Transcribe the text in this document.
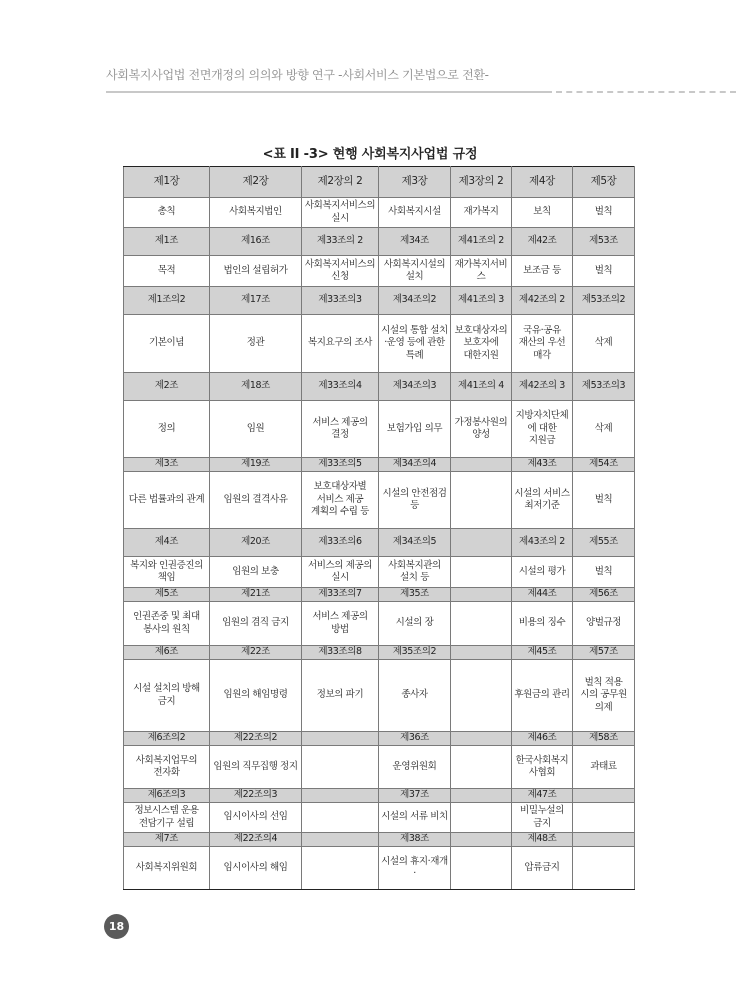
사회복지사업법 전면개정의 의의와 방향 연구 -사회서비스 기본법으로 전환-
<표 II -3> 현행 사회복지사업법 규정
제1장	제2장	제2장의 2	제3장	제3장의 2	제4장	제5장
총칙	사회복지법인	사회복지서비스의 실시	사회복지시설	재가복지	보칙	벌칙
제1조	제16조	제33조의 2	제34조	제41조의 2	제42조	제53조
목적	법인의 설립허가	사회복지서비스의 신청	사회복지시설의 설치	재가복지서비스	보조금 등	벌칙
제1조의2	제17조	제33조의3	제34조의2	제41조의 3	제42조의 2	제53조의2
기본이념	정관	복지요구의 조사	시설의 통합 설치·운영 등에 관한 특례	보호대상자의 보호자에 대한지원	국유·공유 재산의 우선 매각	삭제
제2조	제18조	제33조의4	제34조의3	제41조의 4	제42조의 3	제53조의3
정의	임원	서비스 제공의 결정	보험가입 의무	가정봉사원의 양성	지방자치단체에 대한 지원금	삭제
제3조	제19조	제33조의5	제34조의4		제43조	제54조
다른 법률과의 관계	임원의 결격사유	보호대상자별 서비스 제공 계획의 수립 등	시설의 안전점검 등		시설의 서비스 최저기준	벌칙
제4조	제20조	제33조의6	제34조의5		제43조의 2	제55조
복지와 인권증진의 책임	임원의 보충	서비스의 제공의 실시	사회복지관의 설치 등		시설의 평가	벌칙
제5조	제21조	제33조의7	제35조		제44조	제56조
인권존중 및 최대 봉사의 원칙	임원의 겸직 금지	서비스 제공의 방법	시설의 장		비용의 징수	양벌규정
제6조	제22조	제33조의8	제35조의2		제45조	제57조
시설 설치의 방해 금지	임원의 해임명령	정보의 파기	종사자		후원금의 관리	벌칙 적용 시의 공무원 의제
제6조의2	제22조의2		제36조		제46조	제58조
사회복지업무의 전자화	임원의 직무집행 정지		운영위원회		한국사회복지사협회	과태료
제6조의3	제22조의3		제37조		제47조	
정보시스템 운용 전담기구 설립	임시이사의 선임		시설의 서류 비치		비밀누설의 금지	
제7조	제22조의4		제38조		제48조	
사회복지위원회	임시이사의 해임		시설의 휴지·재개·		압류금지	
18
